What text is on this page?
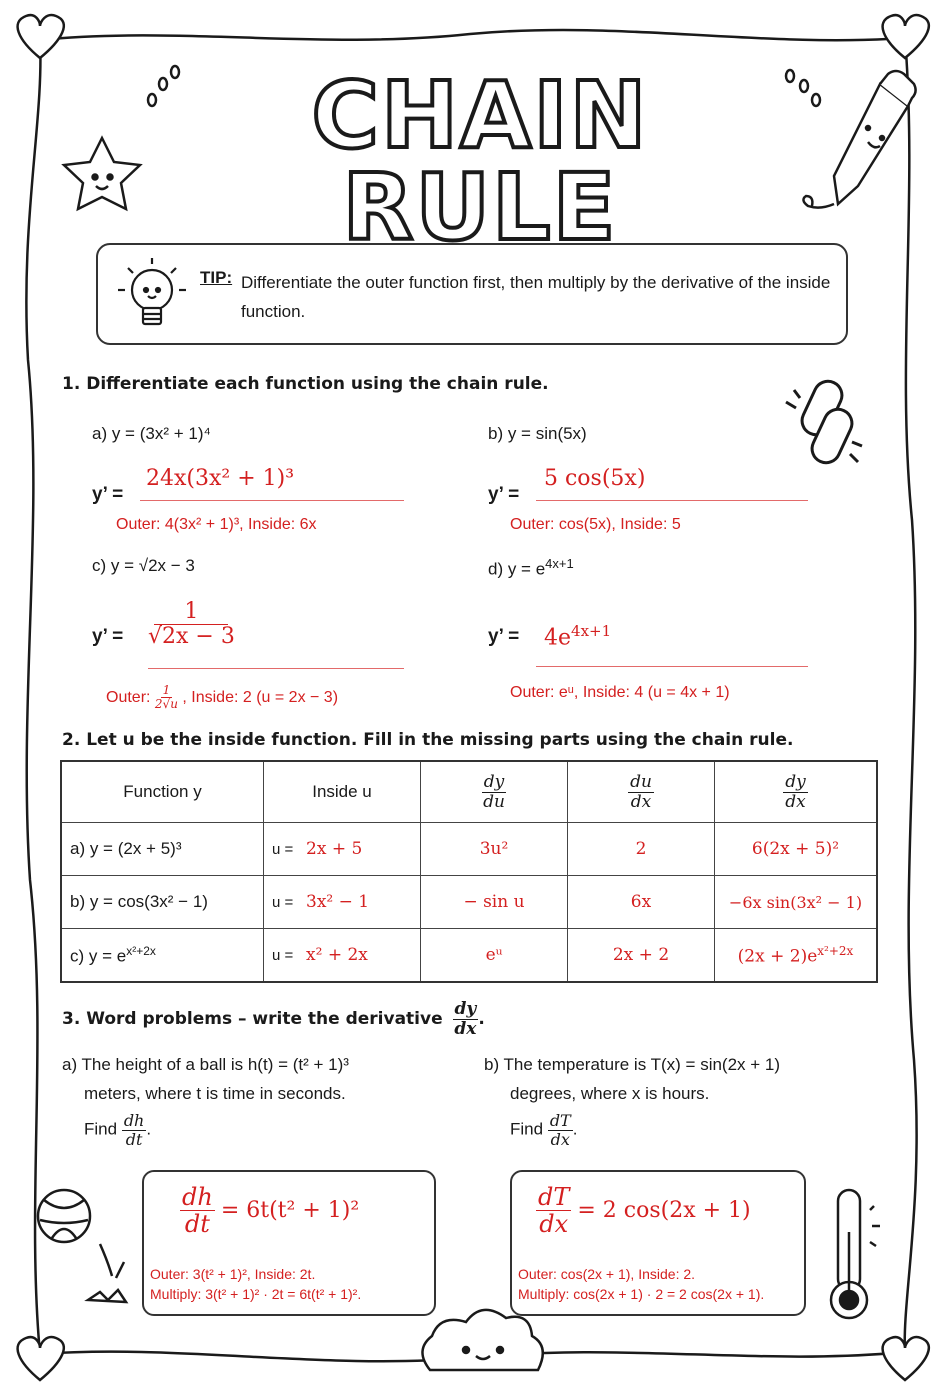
CHAIN RULE
TIP: Differentiate the outer function first, then multiply by the derivative of the inside function.
1. Differentiate each function using the chain rule.
a) y = (3x² + 1)⁴
y’ =
24x(3x² + 1)³
Outer: 4(3x² + 1)³, Inside: 6x
b) y = sin(5x)
y’ =
5 cos(5x)
Outer: cos(5x), Inside: 5
c) y = √2x − 3
y’ = $\frac{1}{√2x - 3}$
Outer: $\frac{1}{2√u}$ , Inside: 2 (u = 2x − 3)
d) $y = e^{4x+1}$
y’ = $4e^{4x+1}$
Outer: eᵘ, Inside: 4 (u = 4x + 1)
2. Let u be the inside function. Fill in the missing parts using the chain rule.
Function y	Inside u	$\frac{dy}{du}$	$\frac{du}{dx}$	$\frac{dy}{dx}$

a) y = (2x + 5)³	u = 2x + 5	3u²	2	6(2x + 5)²
b) y = cos(3x² − 1)	u = 3x² − 1	− sin u	6x	−6x sin(3x² − 1)
c) $y = e^{x^2+2x}$	u = x² + 2x	eᵘ	2x + 2	$(2x + 2)e^{x^2+2x}$
3. Word problems – write the derivative $\frac{dy}{dx}$ .
a) The height of a ball is h(t) = (t² + 1)³
meters, where t is time in seconds.
Find $\frac{dh}{dt}$ .
b) The temperature is T(x) = sin(2x + 1)
degrees, where x is hours.
Find $\frac{dT}{dx}$ .
$\frac{dh}{dt} = 6t(t^2 + 1)^2$
Outer: 3(t² + 1)², Inside: 2t.
Multiply: 3(t² + 1)² · 2t = 6t(t² + 1)².
$\frac{dT}{dx} = 2$ cos(2x + 1)
Outer: cos(2x + 1), Inside: 2.
Multiply: cos(2x + 1) · 2 = 2 cos(2x + 1).
